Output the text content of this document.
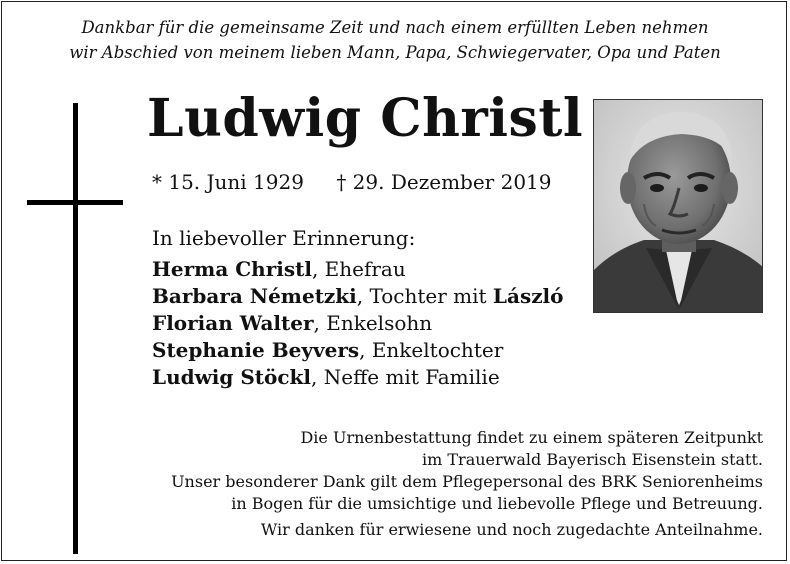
Dankbar für die gemeinsame Zeit und nach einem erfüllten Leben nehmen
wir Abschied von meinem lieben Mann, Papa, Schwiegervater, Opa und Paten
Ludwig Christl
* 15. Juni 1929 † 29. Dezember 2019
In liebevoller Erinnerung:
Herma Christl, Ehefrau
Barbara Németzki, Tochter mit László
Florian Walter, Enkelsohn
Stephanie Beyvers, Enkeltochter
Ludwig Stöckl, Neffe mit Familie
Die Urnenbestattung findet zu einem späteren Zeitpunkt
im Trauerwald Bayerisch Eisenstein statt.
Unser besonderer Dank gilt dem Pflegepersonal des BRK Seniorenheims
in Bogen für die umsichtige und liebevolle Pflege und Betreuung.
Wir danken für erwiesene und noch zugedachte Anteilnahme.
